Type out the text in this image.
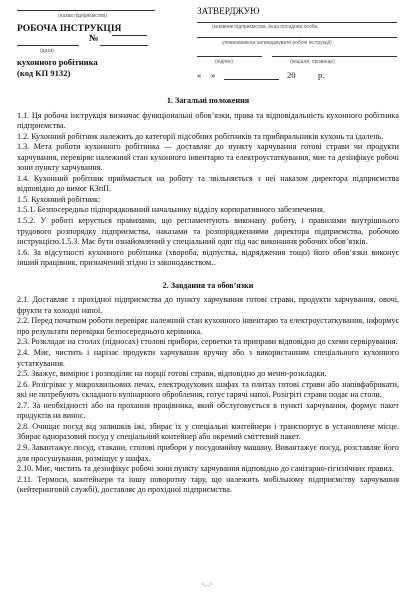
(назва підприємства)
РОБОЧА ІНСТРУКЦІЯ
№
(дата)
кухонного робітника
(код КП 9132)
ЗАТВЕРДЖУЮ
(керівник підприємства, інша посадова особа,
уповноважена затверджувати робочі інструкції)
(підпис)	(ініціали, прізвище)
« »	20	р.

1. Загальні положення

1.1. Ця робоча інструкція визначає функціональні обов’язки, права та відповідальність кухонного робітника підприємства.

1.2. Кухонний робітник належить до категорії підсобних робітників та прибиральників кухонь та їдалень.

1.3. Мета роботи кухонного робітника — доставляє до пункту харчування готові страви чи продукти харчування, перевіряє належний стан кухонного інвентарю та електроустаткування, миє та дезінфікує робочі зони пункту харчування.

1.4. Кухонний робітник приймається на роботу та звільняється з неї наказом директора підприємства відповідно до вимог КЗпП.

1.5. Кухонний робітник:

1.5.1. Безпосередньо підпорядкований начальнику відділу корпоративного забезпечення.

1.5.2. У роботі керується правилами, що регламентують виконану роботу, і правилами внутрішнього трудового розпорядку підприємства, наказами та розпорядженнями директора підприємства, робочою інструкцією.1.5.3. Має бути ознайомлений у спеціальний одяг під час виконання робочих обов’язків.

1.6. За відсутності кухонного робітника (хвороба, відпустка, відрядження тощо) його обов’язки виконує інший працівник, призначений згідно із законодавством..

2. Завдання та обов’язки

2.1. Доставляє з прохідної підприємства до пункту харчування готові страви, продукти харчування, овочі, фрукти та холодні напої.

2.2. Перед початком роботи перевіряє належний стан кухонного інвентарю та електроустаткування, інформує про результати перевірки безпосереднього керівника.

2.3. Розкладає на столах (підносах) столові прибори, серветки та приправи відповідно до схеми сервірування.

2.4. Миє, чистить і нарізає продукти харчування вручну або з використанням спеціального кухонного устаткування.

2.5. Зважує, вимірює і розподіляє на порції готові страви, відповідно до меню-розкладки.

2.6. Розігріває у мікрохвильових печах, електродухових шафах та плитах готові страви або напівфабрикати, які не потребують складного кулінарного оброблення, готує гарячі напої. Розігріті страви подає на столи.

2.7. За необхідності або на прохання працівника, який обслуговується в пункті харчування, формує пакет продуктів на винос.

2.8. Очищає посуд від залишків їжі, збирає їх у спеціальні контейнери і транспортує в установлене місце. Збирає одноразовий посуд у спеціальний контейнер або окремий сміттєвий пакет.

2.9. Завантажує посуд, стакани, столові прибори у посудомийну машину. Вивантажує посуд, розставляє його для просушування, розміщує у шафах.

2.10. Миє, чистить та дезінфікує робочі зони пункту харчування відповідно до санітарно-гігієнічних правил.

2.11. Термоси, контейнери та іншу поворотну тару, що належить мобільному підприємству харчування (кейтеринговій службі), доставляє до прохідної підприємства.

<...>
